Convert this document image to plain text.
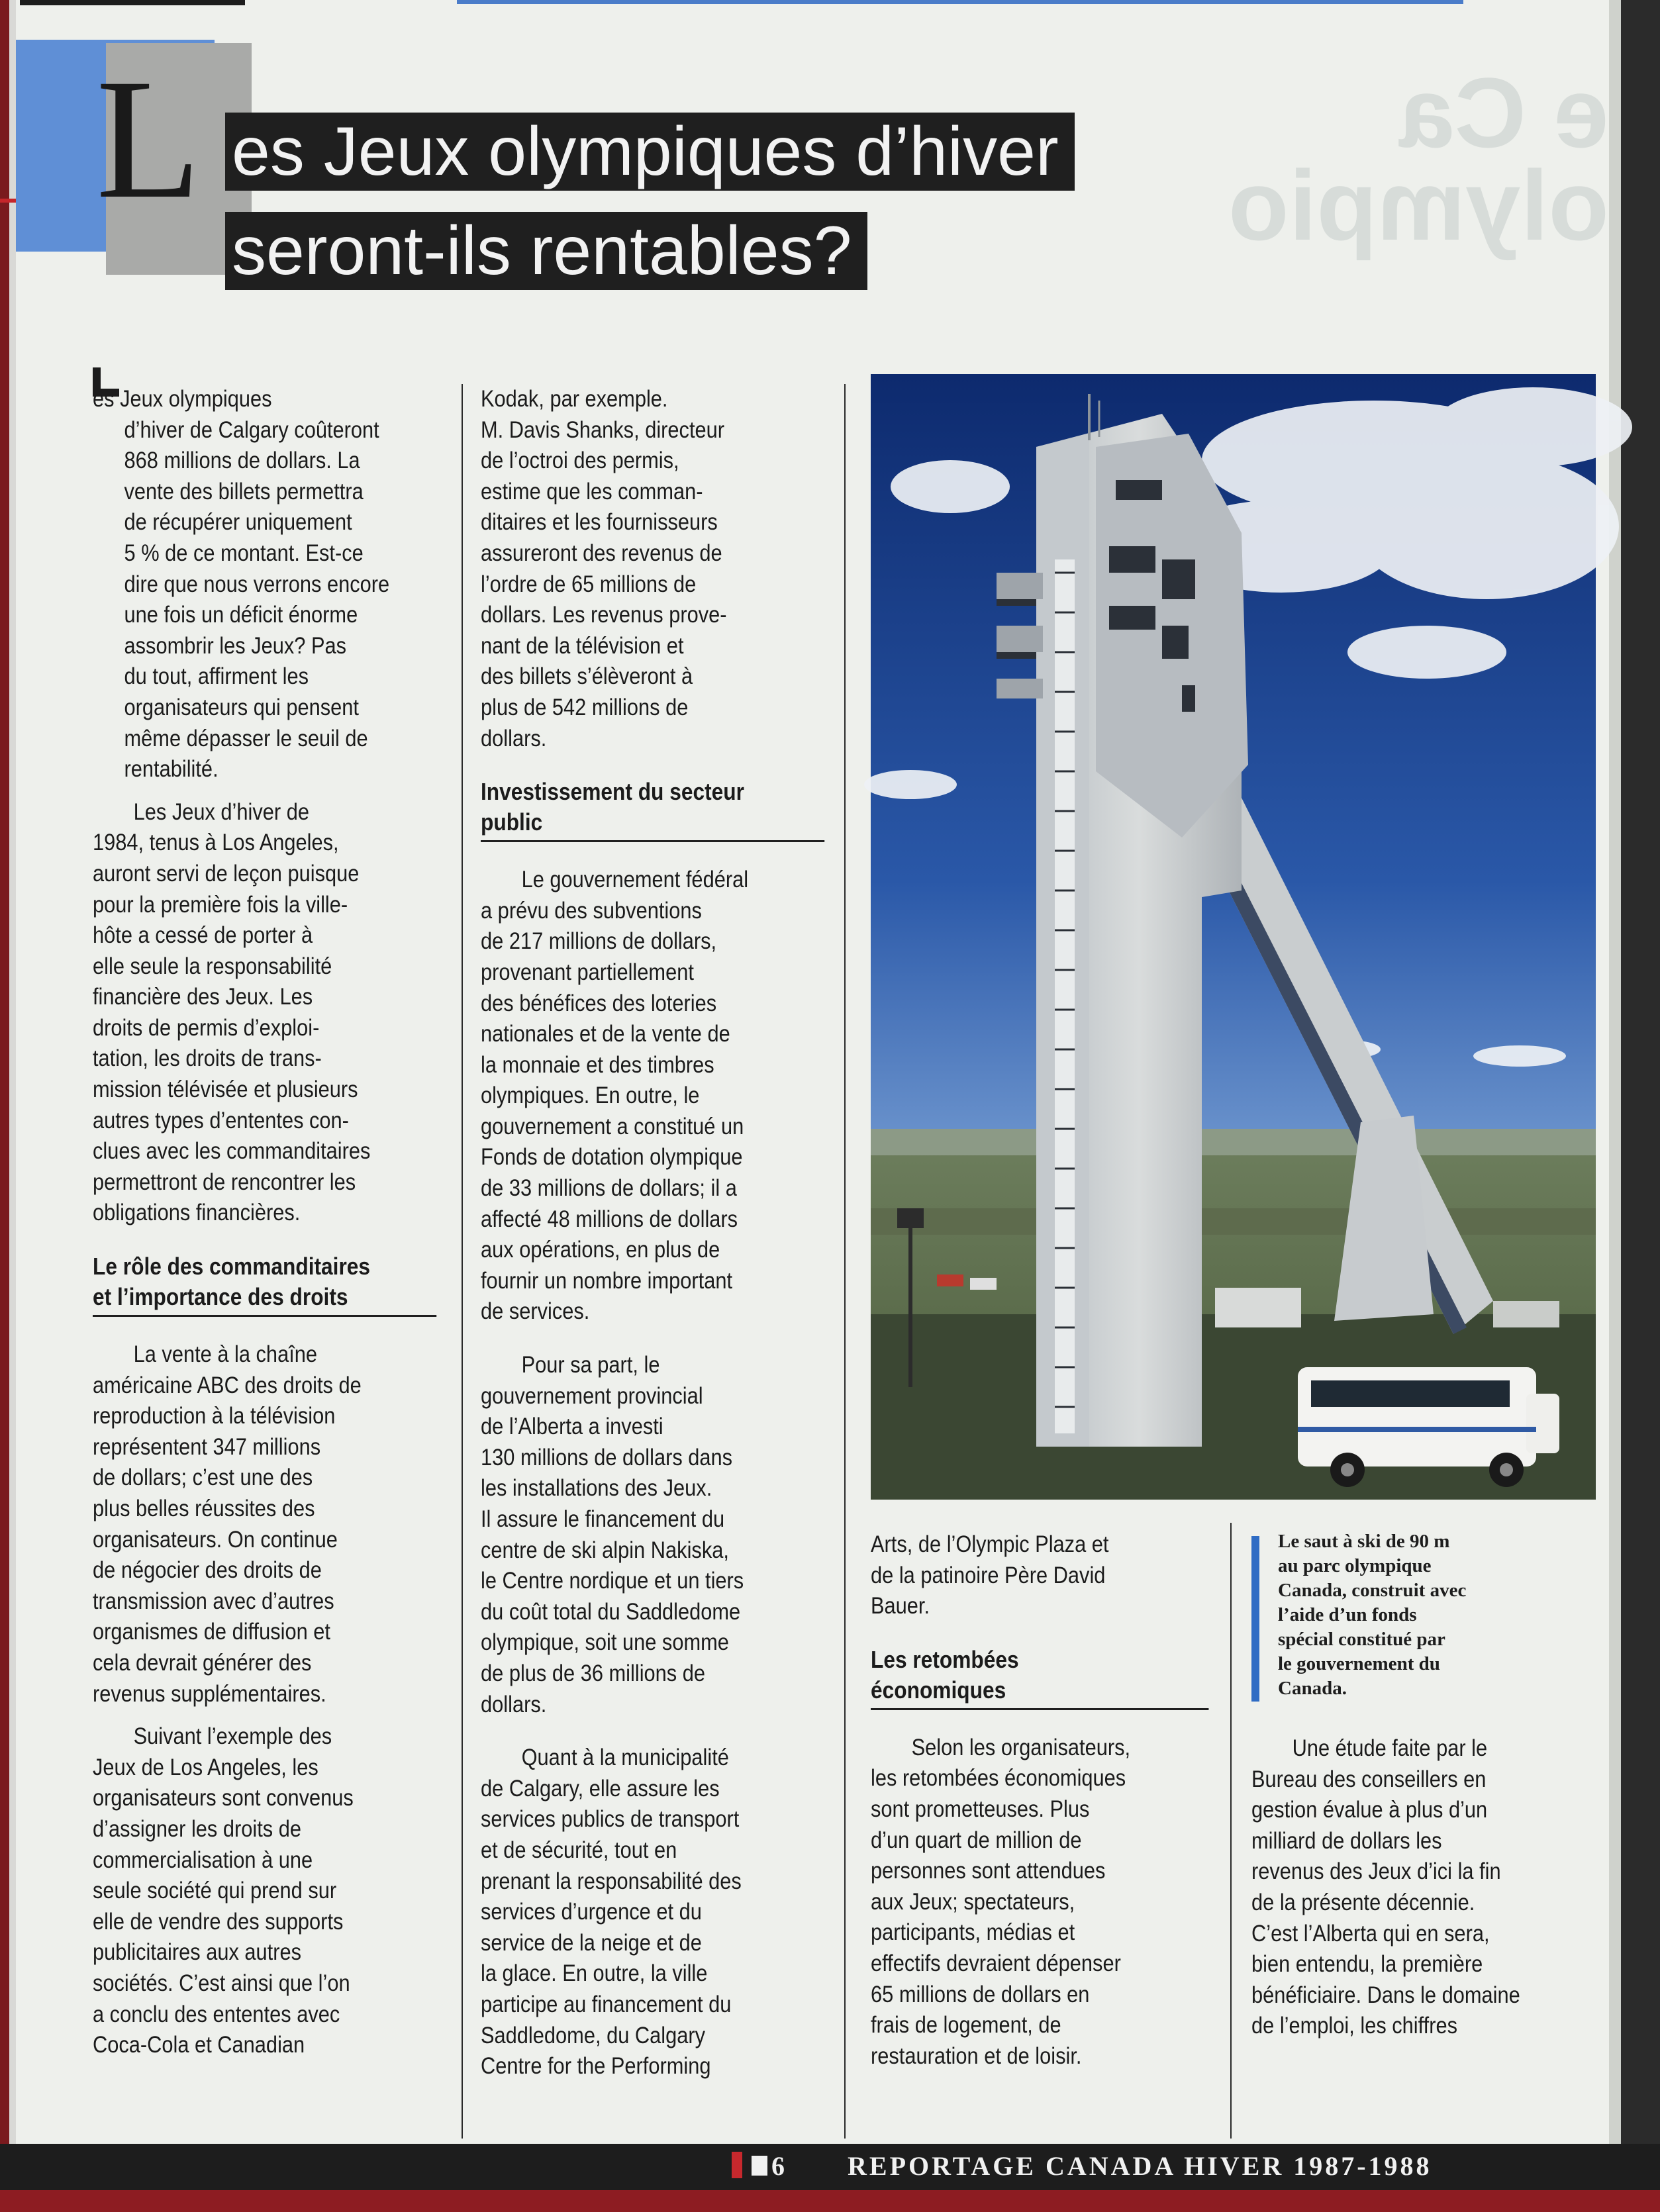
e Ca
olympio
L es Jeux olympiques d’hiver
seront-ils rentables?

es Jeux olympiques
d’hiver de Calgary coûteront
868 millions de dollars. La
vente des billets permettra
de récupérer uniquement
5 % de ce montant. Est-ce
dire que nous verrons encore
une fois un déficit énorme
assombrir les Jeux? Pas
du tout, affirment les
organisateurs qui pensent
même dépasser le seuil de
rentabilité.

Les Jeux d’hiver de
1984, tenus à Los Angeles,
auront servi de leçon puisque
pour la première fois la ville-
hôte a cessé de porter à
elle seule la responsabilité
financière des Jeux. Les
droits de permis d’exploi-
tation, les droits de trans-
mission télévisée et plusieurs
autres types d’ententes con-
clues avec les commanditaires
permettront de rencontrer les
obligations financières.

Le rôle des commanditaires
et l’importance des droits

La vente à la chaîne
américaine ABC des droits de
reproduction à la télévision
représentent 347 millions
de dollars; c’est une des
plus belles réussites des
organisateurs. On continue
de négocier des droits de
transmission avec d’autres
organismes de diffusion et
cela devrait générer des
revenus supplémentaires.

Suivant l’exemple des
Jeux de Los Angeles, les
organisateurs sont convenus
d’assigner les droits de
commercialisation à une
seule société qui prend sur
elle de vendre des supports
publicitaires aux autres
sociétés. C’est ainsi que l’on
a conclu des ententes avec
Coca-Cola et Canadian

Kodak, par exemple.
M. Davis Shanks, directeur
de l’octroi des permis,
estime que les comman-
ditaires et les fournisseurs
assureront des revenus de
l’ordre de 65 millions de
dollars. Les revenus prove-
nant de la télévision et
des billets s’élèveront à
plus de 542 millions de
dollars.

Investissement du secteur
public

Le gouvernement fédéral
a prévu des subventions
de 217 millions de dollars,
provenant partiellement
des bénéfices des loteries
nationales et de la vente de
la monnaie et des timbres
olympiques. En outre, le
gouvernement a constitué un
Fonds de dotation olympique
de 33 millions de dollars; il a
affecté 48 millions de dollars
aux opérations, en plus de
fournir un nombre important
de services.

Pour sa part, le
gouvernement provincial
de l’Alberta a investi
130 millions de dollars dans
les installations des Jeux.
Il assure le financement du
centre de ski alpin Nakiska,
le Centre nordique et un tiers
du coût total du Saddledome
olympique, soit une somme
de plus de 36 millions de
dollars.

Quant à la municipalité
de Calgary, elle assure les
services publics de transport
et de sécurité, tout en
prenant la responsabilité des
services d’urgence et du
service de la neige et de
la glace. En outre, la ville
participe au financement du
Saddledome, du Calgary
Centre for the Performing

Le saut à ski de 90 m
au parc olympique
Canada, construit avec
l’aide d’un fonds
spécial constitué par
le gouvernement du
Canada.

Arts, de l’Olympic Plaza et
de la patinoire Père David
Bauer.

Les retombées
économiques

Selon les organisateurs,
les retombées économiques
sont prometteuses. Plus
d’un quart de million de
personnes sont attendues
aux Jeux; spectateurs,
participants, médias et
effectifs devraient dépenser
65 millions de dollars en
frais de logement, de
restauration et de loisir.

Une étude faite par le
Bureau des conseillers en
gestion évalue à plus d’un
milliard de dollars les
revenus des Jeux d’ici la fin
de la présente décennie.
C’est l’Alberta qui en sera,
bien entendu, la première
bénéficiaire. Dans le domaine
de l’emploi, les chiffres

6 REPORTAGE CANADA HIVER 1987-1988
